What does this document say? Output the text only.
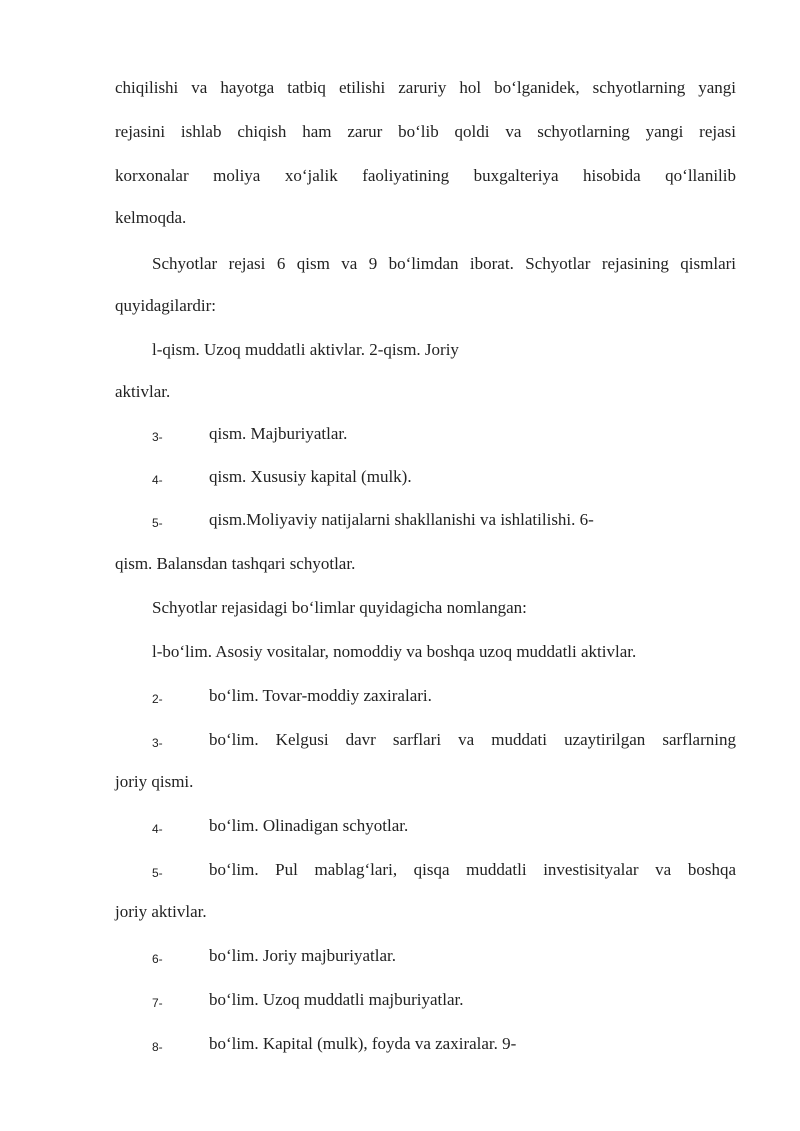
chiqilishi va hayotga tatbiq etilishi zaruriy hol bo‘lganidek, schyotlarning yangi
rejasini ishlab chiqish ham zarur bo‘lib qoldi va schyotlarning yangi rejasi
korxonalar moliya xo‘jalik faoliyatining buxgalteriya hisobida qo‘llanilib
kelmoqda.
Schyotlar rejasi 6 qism va 9 bo‘limdan iborat. Schyotlar rejasining qismlari
quyidagilardir:
l-qism. Uzoq muddatli aktivlar. 2-qism. Joriy
aktivlar.
3-	qism. Majburiyatlar.
4-	qism. Xususiy kapital (mulk).
5-	qism.Moliyaviy natijalarni shakllanishi va ishlatilishi. 6-
qism. Balansdan tashqari schyotlar.
Schyotlar rejasidagi bo‘limlar quyidagicha nomlangan:
l-bo‘lim. Asosiy vositalar, nomoddiy va boshqa uzoq muddatli aktivlar.
2-	bo‘lim. Tovar-moddiy zaxiralari.
3-	bo‘lim. Kelgusi davr sarflari va muddati uzaytirilgan sarflarning
joriy qismi.
4-	bo‘lim. Olinadigan schyotlar.
5-	bo‘lim. Pul mablag‘lari, qisqa muddatli investisityalar va boshqa
joriy aktivlar.
6-	bo‘lim. Joriy majburiyatlar.
7-	bo‘lim. Uzoq muddatli majburiyatlar.
8-	bo‘lim. Kapital (mulk), foyda va zaxiralar. 9-
